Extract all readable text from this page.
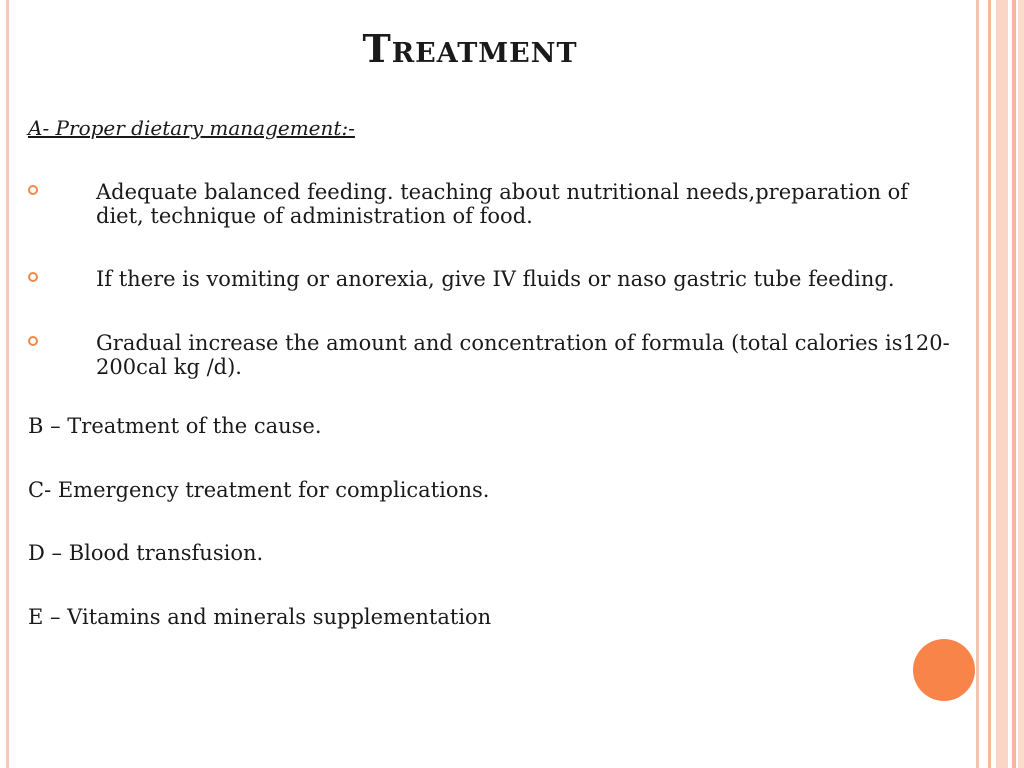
Treatment
A- Proper dietary management:-
Adequate balanced feeding. teaching about nutritional needs,preparation of diet, technique of administration of food.
If there is vomiting or anorexia, give IV fluids or naso gastric tube feeding.
Gradual increase the amount and concentration of formula (total calories is120-200cal kg /d).
B – Treatment of the cause.
C- Emergency treatment for complications.
D – Blood transfusion.
E – Vitamins and minerals supplementation
